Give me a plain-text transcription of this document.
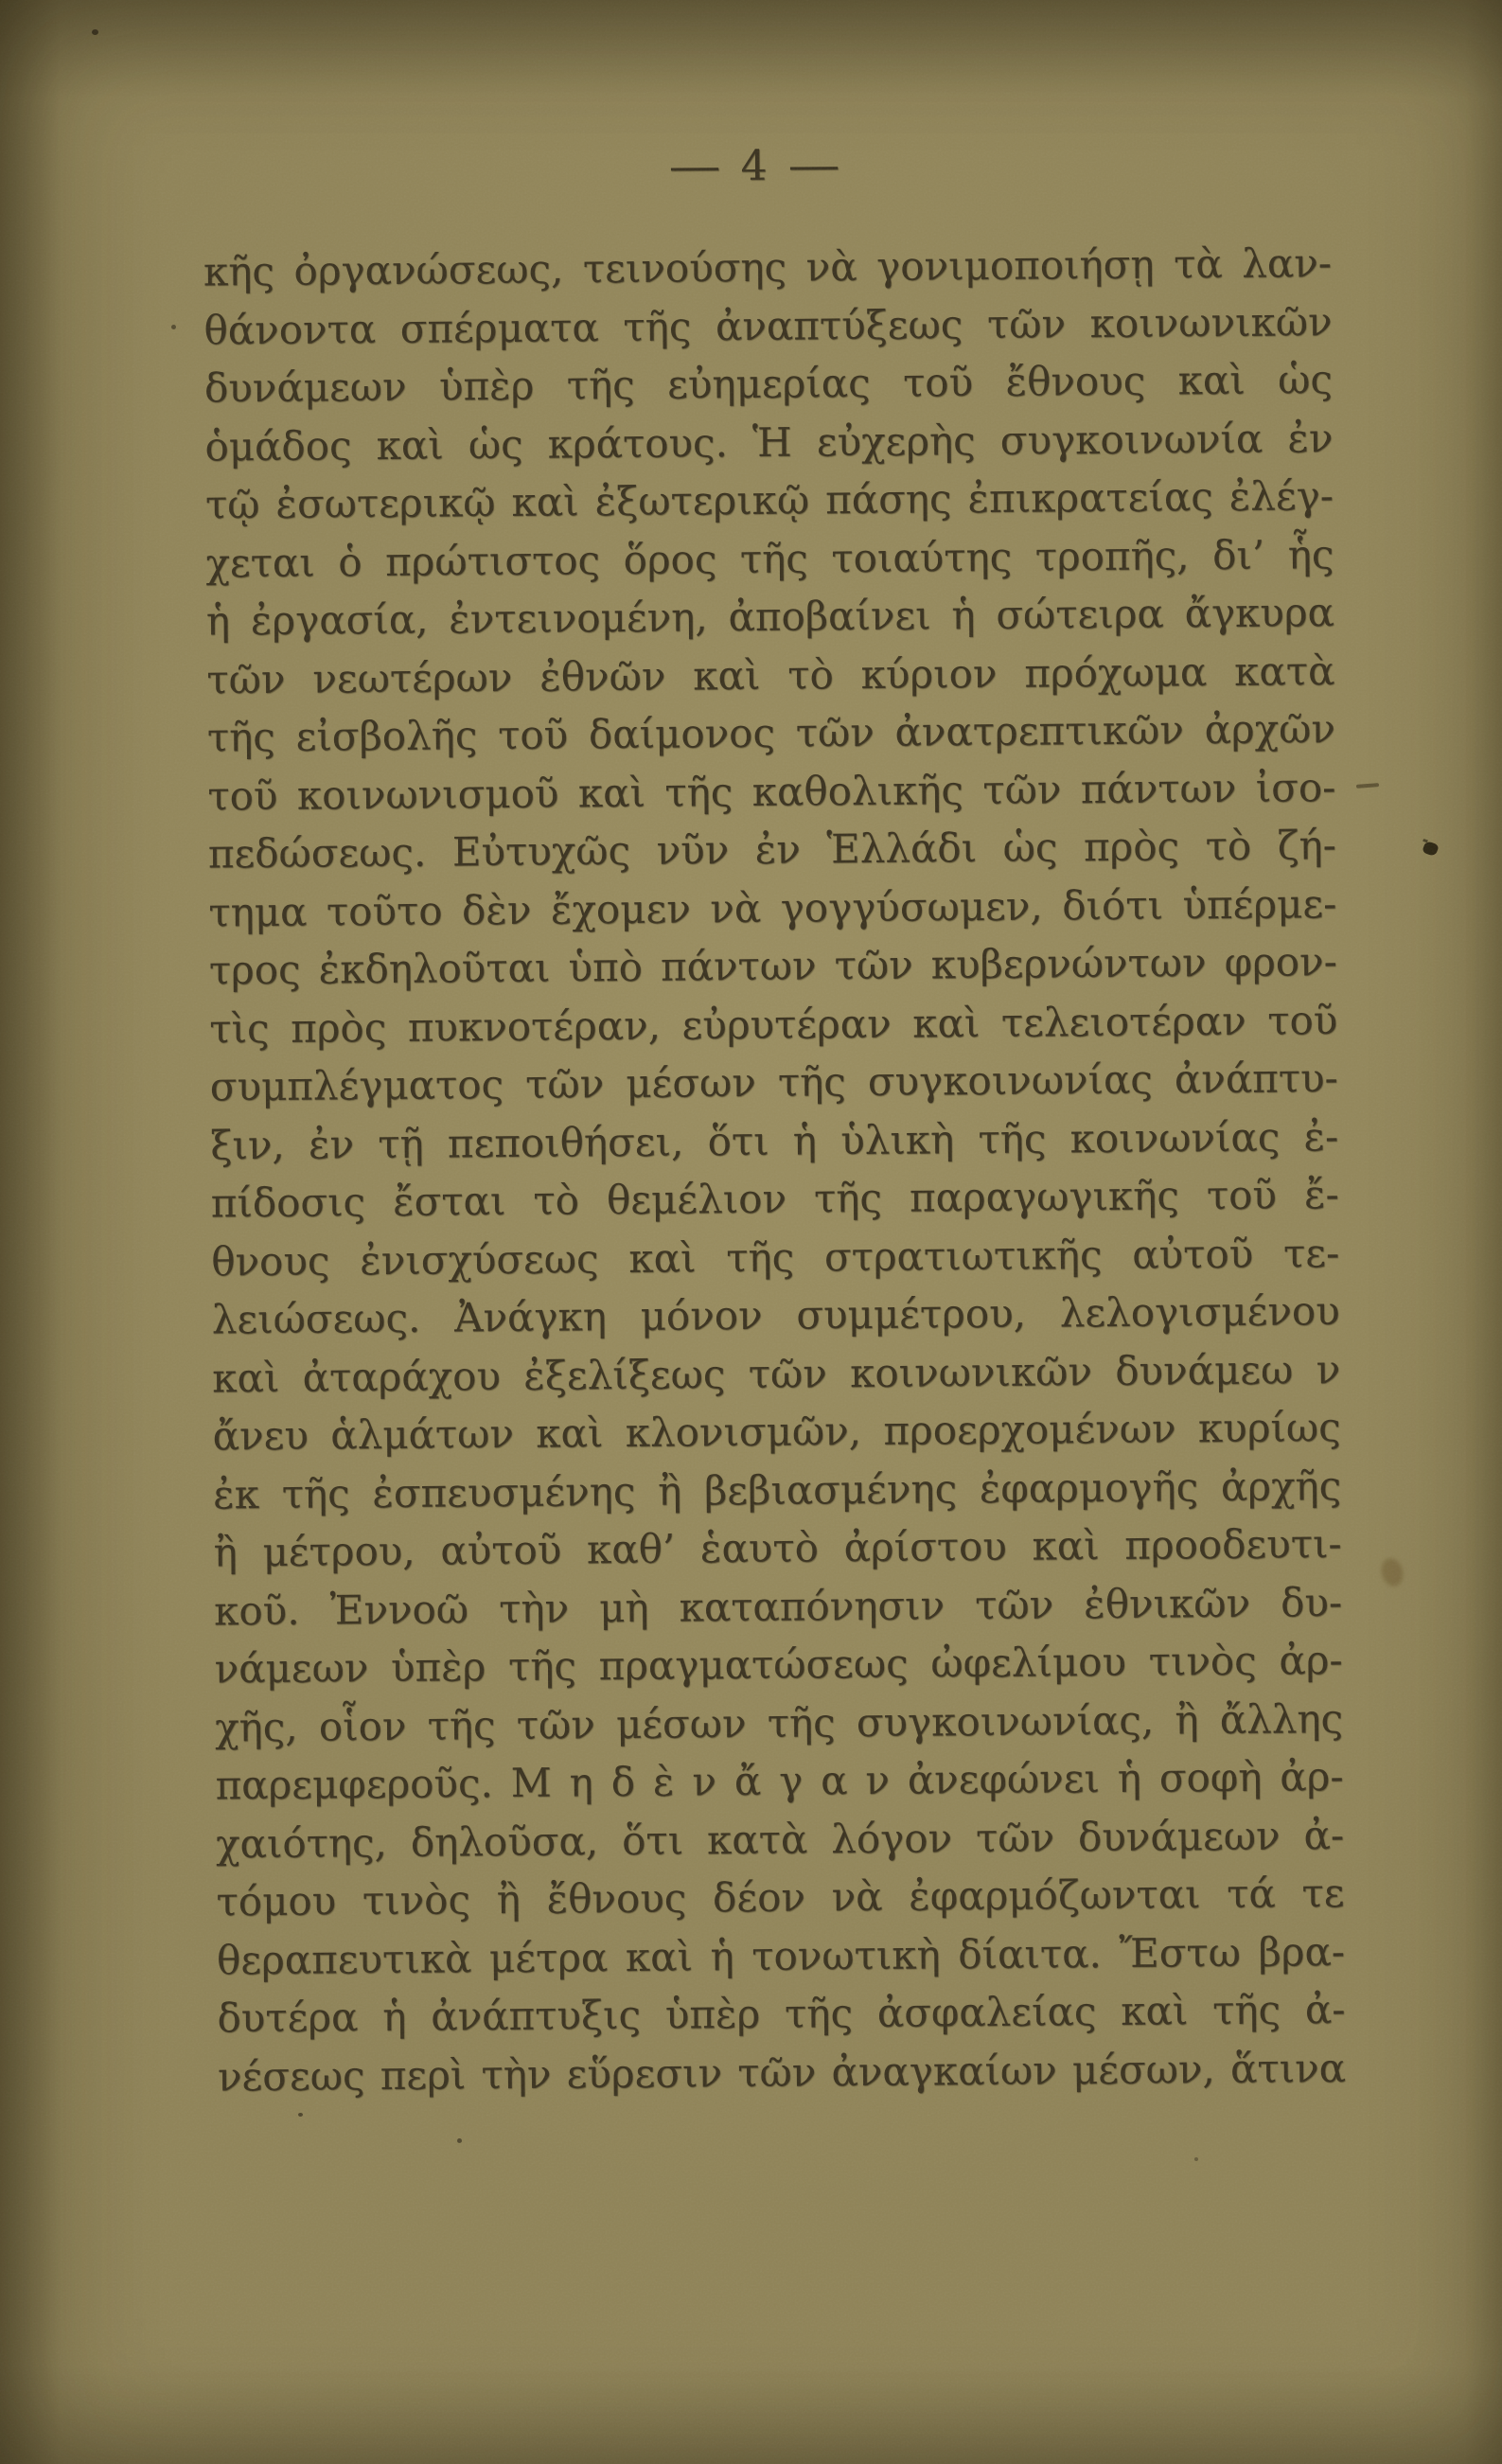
— 4 —
κῆς ὀργανώσεως, τεινούσης νὰ γονιμοποιήσῃ τὰ λαν-
θάνοντα σπέρματα τῆς ἀναπτύξεως τῶν κοινωνικῶν
δυνάμεων ὑπὲρ τῆς εὐημερίας τοῦ ἔθνους καὶ ὡς
ὁμάδος καὶ ὡς κράτους. Ἡ εὐχερὴς συγκοινωνία ἐν
τῷ ἐσωτερικῷ καὶ ἐξωτερικῷ πάσης ἐπικρατείας ἐλέγ-
χεται ὁ πρώτιστος ὅρος τῆς τοιαύτης τροπῆς, δι’ ἧς
ἡ ἐργασία, ἐντεινομένη, ἀποβαίνει ἡ σώτειρα ἄγκυρα
τῶν νεωτέρων ἐθνῶν καὶ τὸ κύριον πρόχωμα κατὰ
τῆς εἰσβολῆς τοῦ δαίμονος τῶν ἀνατρεπτικῶν ἀρχῶν
τοῦ κοινωνισμοῦ καὶ τῆς καθολικῆς τῶν πάντων ἰσο-
πεδώσεως. Εὐτυχῶς νῦν ἐν Ἑλλάδι ὡς πρὸς τὸ ζή-
τημα τοῦτο δὲν ἔχομεν νὰ γογγύσωμεν, διότι ὑπέρμε-
τρος ἐκδηλοῦται ὑπὸ πάντων τῶν κυβερνώντων φρον-
τὶς πρὸς πυκνοτέραν, εὐρυτέραν καὶ τελειοτέραν τοῦ
συμπλέγματος τῶν μέσων τῆς συγκοινωνίας ἀνάπτυ-
ξιν, ἐν τῇ πεποιθήσει, ὅτι ἡ ὑλικὴ τῆς κοινωνίας ἐ-
πίδοσις ἔσται τὸ θεμέλιον τῆς παραγωγικῆς τοῦ ἔ-
θνους ἐνισχύσεως καὶ τῆς στρατιωτικῆς αὐτοῦ τε-
λειώσεως. Ἀνάγκη μόνον συμμέτρου, λελογισμένου
καὶ ἀταράχου ἐξελίξεως τῶν κοινωνικῶν δυνάμεω ν
ἄνευ ἁλμάτων καὶ κλονισμῶν, προερχομένων κυρίως
ἐκ τῆς ἐσπευσμένης ἢ βεβιασμένης ἐφαρμογῆς ἀρχῆς
ἢ μέτρου, αὐτοῦ καθ’ ἑαυτὸ ἀρίστου καὶ προοδευτι-
κοῦ. Ἐννοῶ τὴν μὴ καταπόνησιν τῶν ἐθνικῶν δυ-
νάμεων ὑπὲρ τῆς πραγματώσεως ὠφελίμου τινὸς ἀρ-
χῆς, οἷον τῆς τῶν μέσων τῆς συγκοινωνίας, ἢ ἄλλης
παρεμφεροῦς. Μ η δ ὲ ν ἄ γ α ν ἀνεφώνει ἡ σοφὴ ἀρ-
χαιότης, δηλοῦσα, ὅτι κατὰ λόγον τῶν δυνάμεων ἀ-
τόμου τινὸς ἢ ἔθνους δέον νὰ ἐφαρμόζωνται τά τε
θεραπευτικὰ μέτρα καὶ ἡ τονωτικὴ δίαιτα. Ἔστω βρα-
δυτέρα ἡ ἀνάπτυξις ὑπὲρ τῆς ἀσφαλείας καὶ τῆς ἀ-
νέσεως περὶ τὴν εὕρεσιν τῶν ἀναγκαίων μέσων, ἅτινα
